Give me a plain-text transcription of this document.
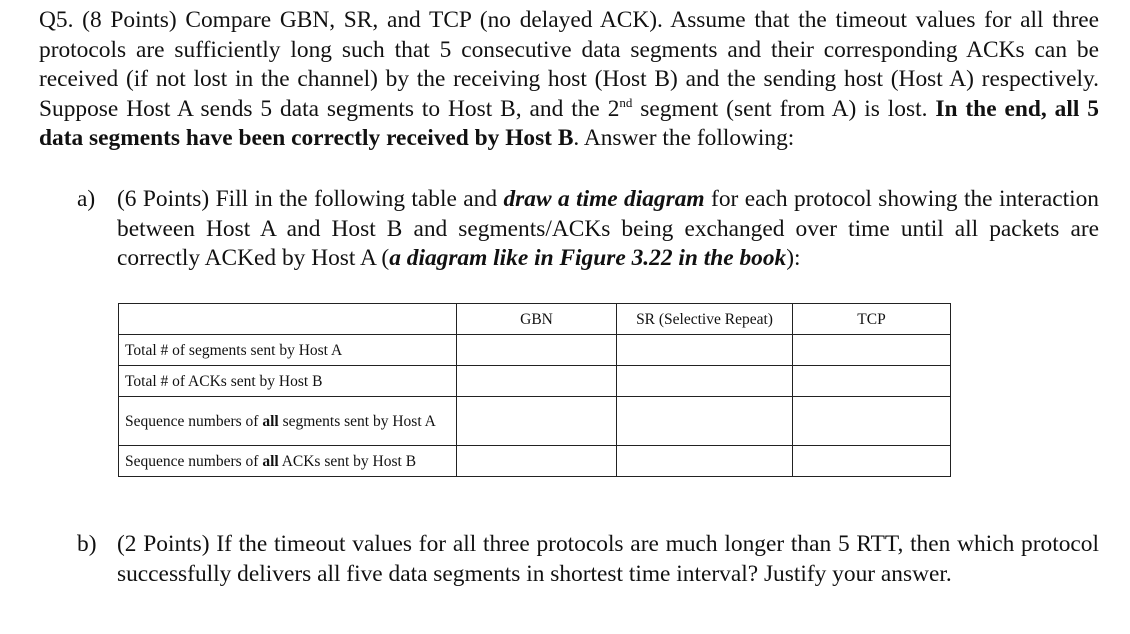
Q5. (8 Points) Compare GBN, SR, and TCP (no delayed ACK). Assume that the timeout values for all three protocols are sufficiently long such that 5 consecutive data segments and their corresponding ACKs can be received (if not lost in the channel) by the receiving host (Host B) and the sending host (Host A) respectively. Suppose Host A sends 5 data segments to Host B, and the 2nd segment (sent from A) is lost. In the end, all 5 data segments have been correctly received by Host B. Answer the following:
a) (6 Points) Fill in the following table and draw a time diagram for each protocol showing the interaction between Host A and Host B and segments/ACKs being exchanged over time until all packets are correctly ACKed by Host A (a diagram like in Figure 3.22 in the book):
	GBN	SR (Selective Repeat)	TCP
Total # of segments sent by Host A			
Total # of ACKs sent by Host B			
Sequence numbers of all segments sent by Host A			
Sequence numbers of all ACKs sent by Host B			
b) (2 Points) If the timeout values for all three protocols are much longer than 5 RTT, then which protocol successfully delivers all five data segments in shortest time interval? Justify your answer.
